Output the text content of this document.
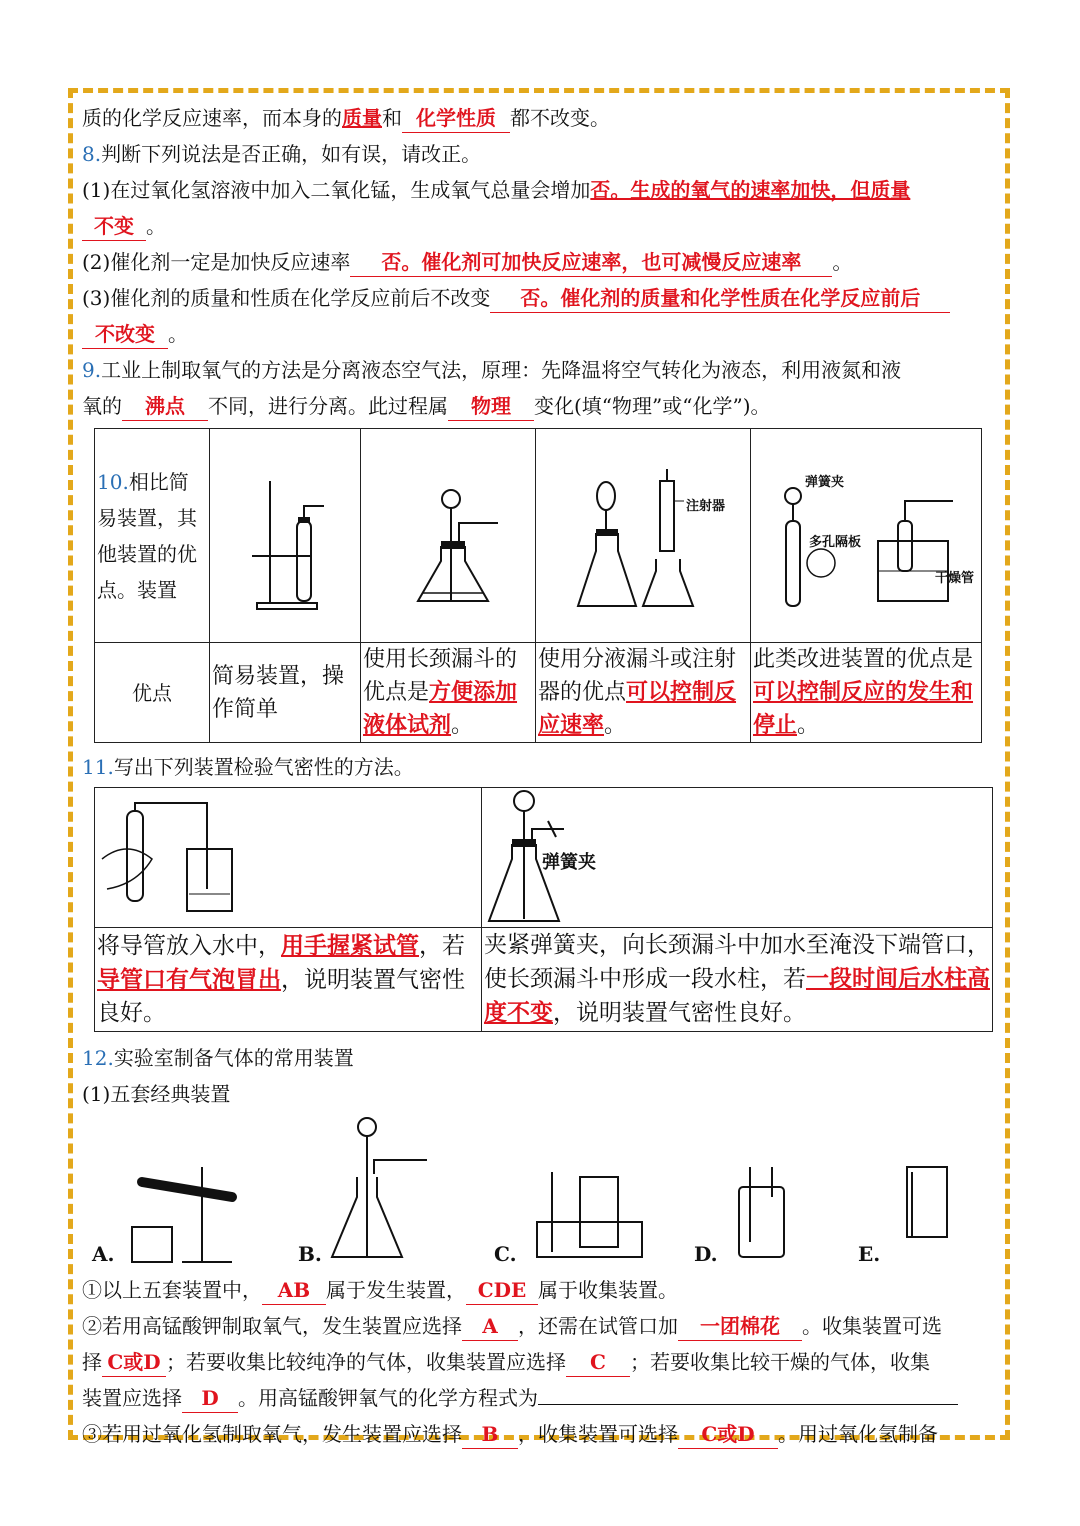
质的化学反应速率，而本身的质量和 化学性质 都不改变。
8.判断下列说法是否正确，如有误，请改正。
(1)在过氧化氢溶液中加入二氧化锰，生成氧气总量会增加否。生成的氧气的速率加快，但质量
不变 。
(2)催化剂一定是加快反应速率 否。催化剂可加快反应速率，也可减慢反应速率 。
(3)催化剂的质量和性质在化学反应前后不改变 否。催化剂的质量和化学性质在化学反应前后
不改变 。
9.工业上制取氧气的方法是分离液态空气法，原理：先降温将空气转化为液态，利用液氮和液
氧的 沸点 不同，进行分离。此过程属 物理 变化(填“物理”或“化学”)。
10.相比简易装置，其他装置的优点。装置			注射器	弹簧夹
多孔隔板
干燥管

优点	简易装置，操作简单	使用长颈漏斗的优点是方便添加液体试剂。	使用分液漏斗或注射器的优点可以控制反应速率。	此类改进装置的优点是可以控制反应的发生和停止。
11.写出下列装置检验气密性的方法。

弹簧夹

将导管放入水中，用手握紧试管，若导管口有气泡冒出，说明装置气密性良好。	夹紧弹簧夹，向长颈漏斗中加水至淹没下端管口，使长颈漏斗中形成一段水柱，若一段时间后水柱高度不变，说明装置气密性良好。
12.实验室制备气体的常用装置
(1)五套经典装置
A.	B.	C.	D.	E.
①以上五套装置中， AB 属于发生装置， CDE 属于收集装置。
②若用高锰酸钾制取氧气，发生装置应选择 A ，还需在试管口加 一团棉花 。收集装置可选
择 C或D ；若要收集比较纯净的气体，收集装置应选择 C ；若要收集比较干燥的气体，收集
装置应选择 D 。用高锰酸钾氧气的化学方程式为
③若用过氧化氢制取氧气，发生装置应选择 B ，收集装置可选择 C或D 。用过氧化氢制备
